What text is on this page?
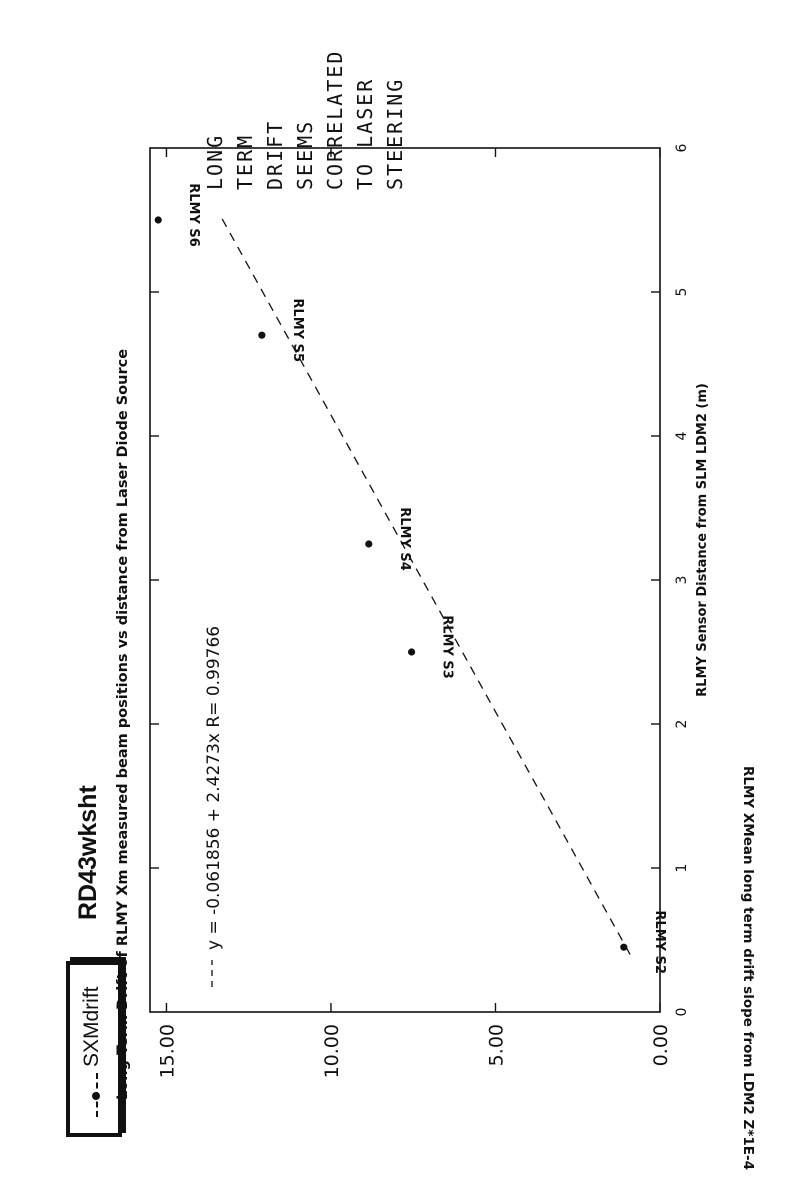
SXMdrift
RD43wksht Long Term Drift of RLMY Xm measured beam positions vs distance from Laser Diode Source	RLMY XMean long term drift slope from LDM2 Z*1E-4
0
1
2
3
4
5
6
0.00
5.00
10.00
15.00
RLMY Sensor Distance from SLM LDM2 (m)
y = -0.061856 + 2.4273x R= 0.99766	RLMY S2
RLMY S3
RLMY S4
RLMY S5
RLMY S6
LONG TERM DRIFT SEEMS CORRELATED TO LASER STEERING
